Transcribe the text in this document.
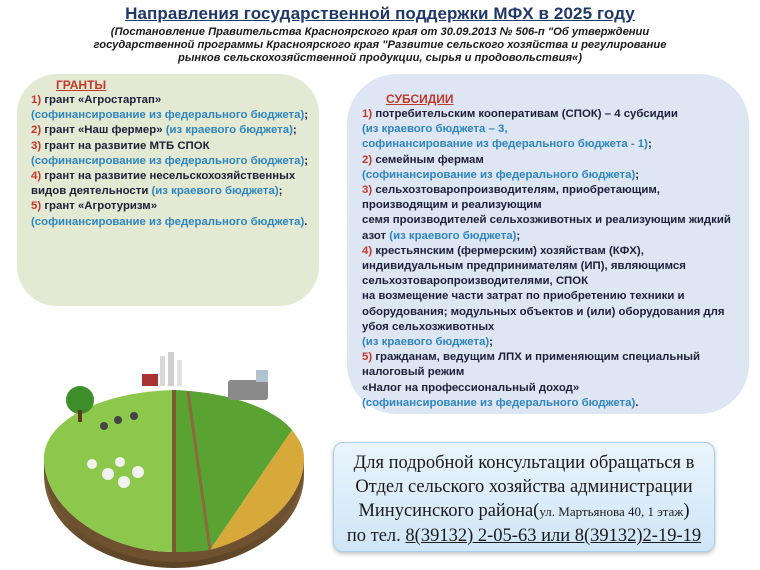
Направления государственной поддержки МФХ в 2025 году
(Постановление Правительства Красноярского края от 30.09.2013 № 506-п "Об утверждении
государственной программы Красноярского края "Развитие сельского хозяйства и регулирование
рынков сельскохозяйственной продукции, сырья и продовольствия«)
ГРАНТЫ

1) грант «Агростартап»
(софинансирование из федерального бюджета);

2) грант «Наш фермер» (из краевого бюджета);

3) грант на развитие МТБ СПОК
(софинансирование из федерального бюджета);

4) грант на развитие несельскохозяйственных видов деятельности (из краевого бюджета);

5) грант «Агротуризм»
(софинансирование из федерального бюджета).

СУБСИДИИ

1) потребительским кооперативам (СПОК) – 4 субсидии
(из краевого бюджета – 3,
софинансирование из федерального бюджета - 1);

2) семейным фермам
(софинансирование из федерального бюджета);

3) сельхозтоваропроизводителям, приобретающим, производящим и реализующим
семя производителей сельхозживотных и реализующим жидкий азот (из краевого бюджета);

4) крестьянским (фермерским) хозяйствам (КФХ), индивидуальным предпринимателям (ИП), являющимся сельхозтоваропроизводителями, СПОК
на возмещение части затрат по приобретению техники и оборудования; модульных объектов и (или) оборудования для убоя сельхозживотных
(из краевого бюджета);

5) гражданам, ведущим ЛПХ и применяющим специальный налоговый режим
«Налог на профессиональный доход»
(софинансирование из федерального бюджета).

Для подробной консультации обращаться в
Отдел сельского хозяйства администрации
Минусинского района(ул. Мартьянова 40, 1 этаж)
по тел. 8(39132) 2-05-63 или 8(39132)2-19-19
